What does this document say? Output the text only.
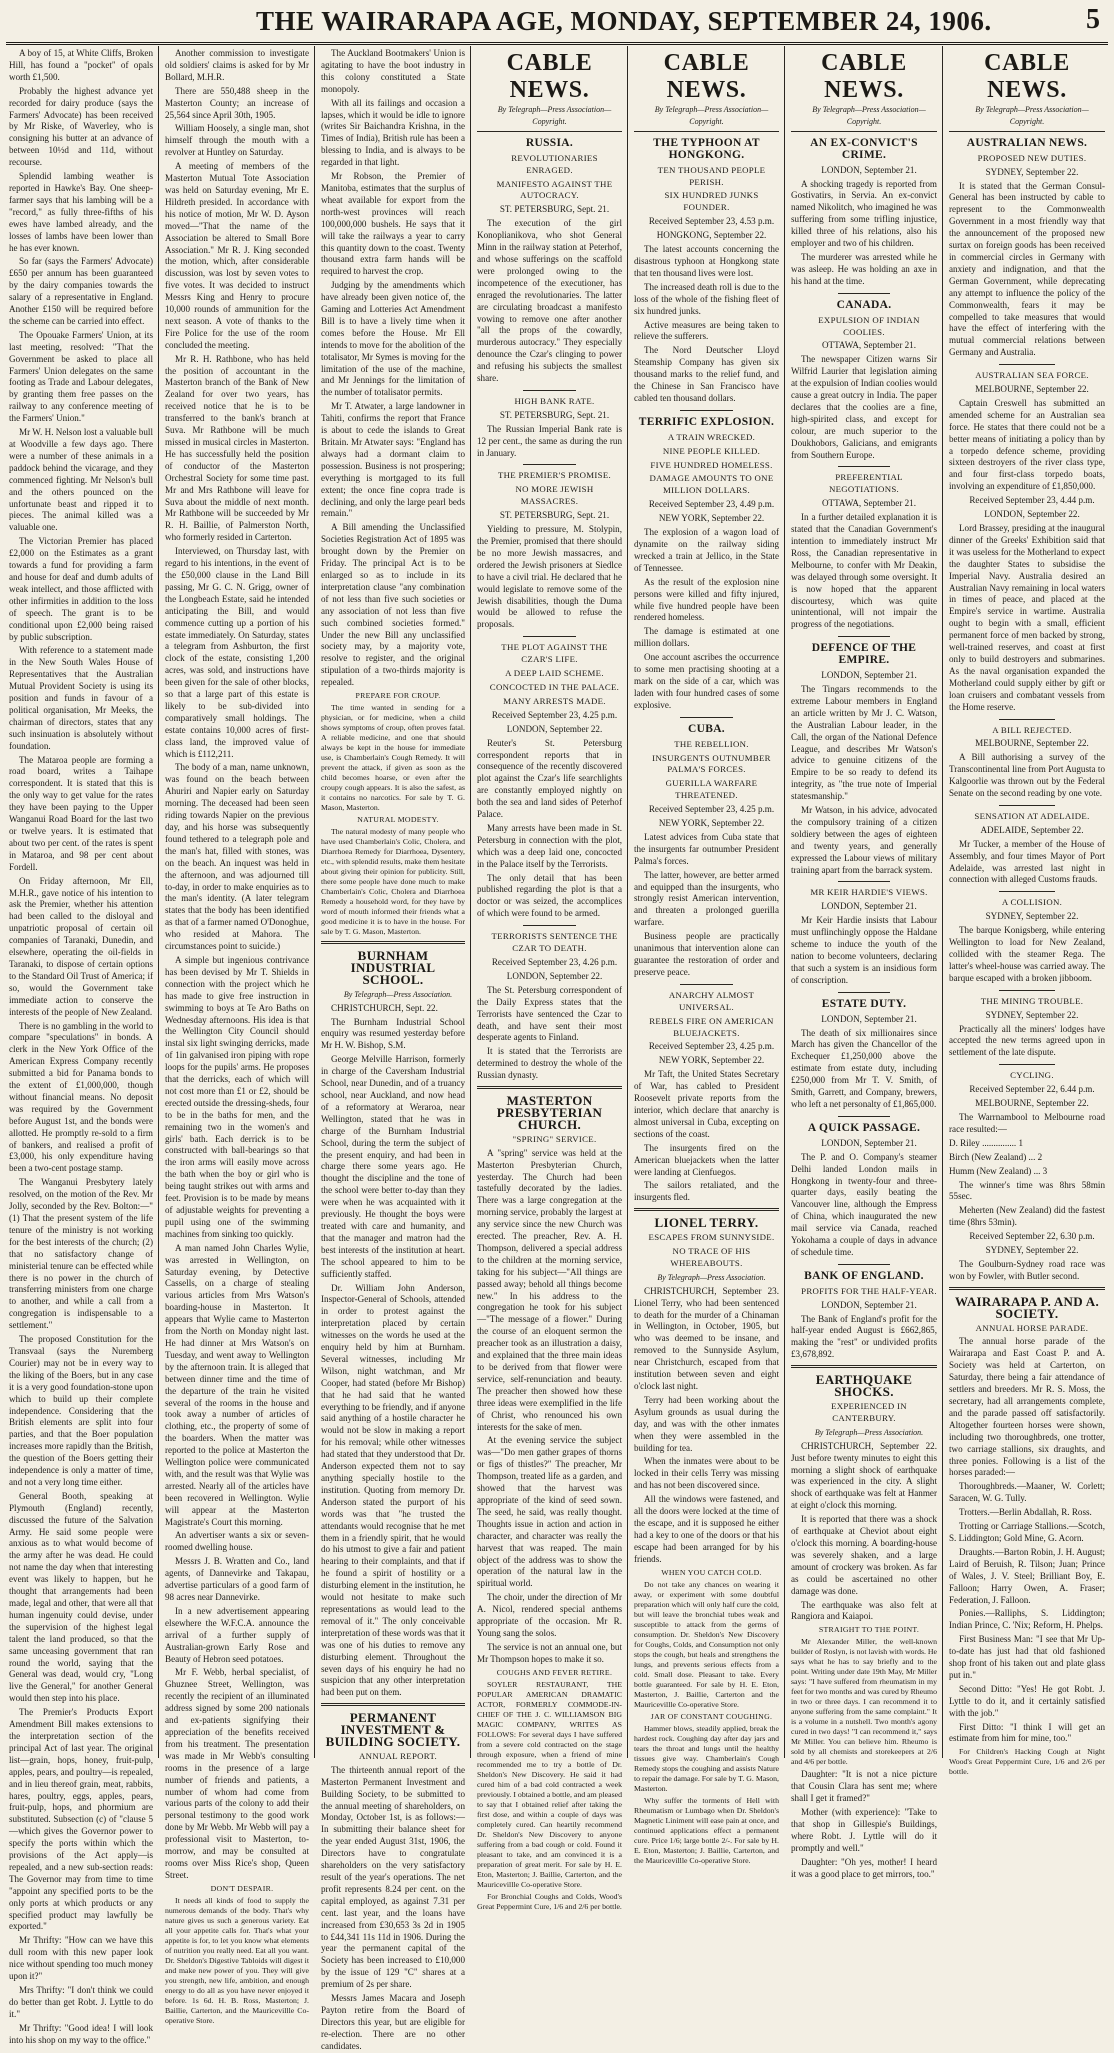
THE WAIRARAPA AGE, MONDAY, SEPTEMBER 24, 1906.	5

A boy of 15, at White Cliffs, Broken Hill, has found a "pocket" of opals worth £1,500.

Probably the highest advance yet recorded for dairy produce (says the Farmers' Advocate) has been received by Mr Riske, of Waverley, who is consigning his butter at an advance of between 10½d and 11d, without recourse.

Splendid lambing weather is reported in Hawke's Bay. One sheep-farmer says that his lambing will be a "record," as fully three-fifths of his ewes have lambed already, and the losses of lambs have been lower than he has ever known.

So far (says the Farmers' Advocate) £650 per annum has been guaranteed by the dairy companies towards the salary of a representative in England. Another £150 will be required before the scheme can be carried into effect.

The Opouake Farmers' Union, at its last meeting, resolved: "That the Government be asked to place all Farmers' Union delegates on the same footing as Trade and Labour delegates, by granting them free passes on the railway to any conference meeting of the Farmers' Union."

Mr W. H. Nelson lost a valuable bull at Woodville a few days ago. There were a number of these animals in a paddock behind the vicarage, and they commenced fighting. Mr Nelson's bull and the others pounced on the unfortunate beast and ripped it to pieces. The animal killed was a valuable one.

The Victorian Premier has placed £2,000 on the Estimates as a grant towards a fund for providing a farm and house for deaf and dumb adults of weak intellect, and those afflicted with other infirmities in addition to the loss of speech. The grant is to be conditional upon £2,000 being raised by public subscription.

With reference to a statement made in the New South Wales House of Representatives that the Australian Mutual Provident Society is using its position and funds in favour of a political organisation, Mr Meeks, the chairman of directors, states that any such insinuation is absolutely without foundation.

The Mataroa people are forming a road board, writes a Taihape correspondent. It is stated that this is the only way to get value for the rates they have been paying to the Upper Wanganui Road Board for the last two or twelve years. It is estimated that about two per cent. of the rates is spent in Mataroa, and 98 per cent about Fordell.

On Friday afternoon, Mr Ell, M.H.R., gave notice of his intention to ask the Premier, whether his attention had been called to the disloyal and unpatriotic proposal of certain oil companies of Taranaki, Dunedin, and elsewhere, operating the oil-fields in Taranaki, to dispose of certain options to the Standard Oil Trust of America; if so, would the Government take immediate action to conserve the interests of the people of New Zealand.

There is no gambling in the world to compare "speculations" in bonds. A clerk in the New York Office of the American Express Company recently submitted a bid for Panama bonds to the extent of £1,000,000, though without financial means. No deposit was required by the Government before August 1st, and the bonds were allotted. He promptly re-sold to a firm of bankers, and realised a profit of £3,000, his only expenditure having been a two-cent postage stamp.

The Wanganui Presbytery lately resolved, on the motion of the Rev. Mr Jolly, seconded by the Rev. Bolton:—"(1) That the present system of the life tenure of the ministry is not working for the best interests of the church; (2) that no satisfactory change of ministerial tenure can be effected while there is no power in the church of transferring ministers from one charge to another, and while a call from a congregation is indispensable to a settlement."

The proposed Constitution for the Transvaal (says the Nuremberg Courier) may not be in every way to the liking of the Boers, but in any case it is a very good foundation-stone upon which to build up their complete independence. Considering that the British elements are split into four parties, and that the Boer population increases more rapidly than the British, the question of the Boers getting their independence is only a matter of time, and not a very long time either.

General Booth, speaking at Plymouth (England) recently, discussed the future of the Salvation Army. He said some people were anxious as to what would become of the army after he was dead. He could not name the day when that interesting event was likely to happen, but he thought that arrangements had been made, legal and other, that were all that human ingenuity could devise, under the supervision of the highest legal talent the land produced, so that the same unceasing government that ran round the world, saying that the General was dead, would cry, "Long live the General," for another General would then step into his place.

The Premier's Products Export Amendment Bill makes extensions to the interpretation section of the principal Act of last year. The original list—grain, hops, honey, fruit-pulp, apples, pears, and poultry—is repealed, and in lieu thereof grain, meat, rabbits, hares, poultry, eggs, apples, pears, fruit-pulp, hops, and phormium are substituted. Subsection (c) of "clause 5—which gives the Governor power to specify the ports within which the provisions of the Act apply—is repealed, and a new sub-section reads: The Governor may from time to time "appoint any specified ports to be the only ports at which products or any specified product may lawfully be exported."

Mr Thrifty: "How can we have this dull room with this new paper look nice without spending too much money upon it?"

Mrs Thrifty: "I don't think we could do better than get Robt. J. Lyttle to do it."

Mr Thrifty: "Good idea! I will look into his shop on my way to the office."

Another commission to investigate old soldiers' claims is asked for by Mr Bollard, M.H.R.

There are 550,488 sheep in the Masterton County; an increase of 25,564 since April 30th, 1905.

William Hoosely, a single man, shot himself through the mouth with a revolver at Huntley on Saturday.

A meeting of members of the Masterton Mutual Tote Association was held on Saturday evening, Mr E. Hildreth presided. In accordance with his notice of motion, Mr W. D. Ayson moved—"That the name of the Association be altered to Small Bore Association." Mr R. J. King seconded the motion, which, after considerable discussion, was lost by seven votes to five votes. It was decided to instruct Messrs King and Henry to procure 10,000 rounds of ammunition for the next season. A vote of thanks to the Fire Police for the use of the room concluded the meeting.

Mr R. H. Rathbone, who has held the position of accountant in the Masterton branch of the Bank of New Zealand for over two years, has received notice that he is to be transferred to the bank's branch at Suva. Mr Rathbone will be much missed in musical circles in Masterton. He has successfully held the position of conductor of the Masterton Orchestral Society for some time past. Mr and Mrs Rathbone will leave for Suva about the middle of next month. Mr Rathbone will be succeeded by Mr R. H. Baillie, of Palmerston North, who formerly resided in Carterton.

Interviewed, on Thursday last, with regard to his intentions, in the event of the £50,000 clause in the Land Bill passing, Mr G. C. N. Grigg, owner of the Longbeach Estate, said he intended anticipating the Bill, and would commence cutting up a portion of his estate immediately. On Saturday, states a telegram from Ashburton, the first clock of the estate, consisting 1,200 acres, was sold, and instructions have been given for the sale of other blocks, so that a large part of this estate is likely to be sub-divided into comparatively small holdings. The estate contains 10,000 acres of first-class land, the improved value of which is £112,211.

The body of a man, name unknown, was found on the beach between Ahuriri and Napier early on Saturday morning. The deceased had been seen riding towards Napier on the previous day, and his horse was subsequently found tethered to a telegraph pole and the man's hat, filled with stones, was on the beach. An inquest was held in the afternoon, and was adjourned till to-day, in order to make enquiries as to the man's identity. (A later telegram states that the body has been identified as that of a farmer named O'Donoghue, who resided at Mahora. The circumstances point to suicide.)

A simple but ingenious contrivance has been devised by Mr T. Shields in connection with the project which he has made to give free instruction in swimming to boys at Te Aro Baths on Wednesday afternoons. His idea is that the Wellington City Council should instal six light swinging derricks, made of 1in galvanised iron piping with rope loops for the pupils' arms. He proposes that the derricks, each of which will not cost more than £1 or £2, should be erected outside the dressing-sheds, four to be in the baths for men, and the remaining two in the women's and girls' bath. Each derrick is to be constructed with ball-bearings so that the iron arms will easily move across the bath when the boy or girl who is being taught strikes out with arms and feet. Provision is to be made by means of adjustable weights for preventing a pupil using one of the swimming machines from sinking too quickly.

A man named John Charles Wylie, was arrested in Wellington, on Saturday evening, by Detective Cassells, on a charge of stealing various articles from Mrs Watson's boarding-house in Masterton. It appears that Wylie came to Masterton from the North on Monday night last. He had dinner at Mrs Watson's on Tuesday, and went away to Wellington by the afternoon train. It is alleged that between dinner time and the time of the departure of the train he visited several of the rooms in the house and took away a number of articles of clothing, etc., the property of some of the boarders. When the matter was reported to the police at Masterton the Wellington police were communicated with, and the result was that Wylie was arrested. Nearly all of the articles have been recovered in Wellington. Wylie will appear at the Masterton Magistrate's Court this morning.

An advertiser wants a six or seven-roomed dwelling house.

Messrs J. B. Wratten and Co., land agents, of Dannevirke and Takapau, advertise particulars of a good farm of 98 acres near Dannevirke.

In a new advertisement appearing elsewhere the W.F.C.A. announce the arrival of a further supply of Australian-grown Early Rose and Beauty of Hebron seed potatoes.

Mr F. Webb, herbal specialist, of Ghuznee Street, Wellington, was recently the recipient of an illuminated address signed by some 200 nationals and ex-patients signifying their appreciation of the benefits received from his treatment. The presentation was made in Mr Webb's consulting rooms in the presence of a large number of friends and patients, a number of whom had come from various parts of the colony to add their personal testimony to the good work done by Mr Webb. Mr Webb will pay a professional visit to Masterton, to-morrow, and may be consulted at rooms over Miss Rice's shop, Queen Street.

DON'T DESPAIR.

It needs all kinds of food to supply the numerous demands of the body. That's why nature gives us such a generous variety. Eat all your appetite calls for. That's what your appetite is for, to let you know what elements of nutrition you really need. Eat all you want. Dr. Sheldon's Digestive Tabloids will digest it and make new power of you. They will give you strength, new life, ambition, and enough energy to do all as you have never enjoyed it before. 1s 6d. H. B. Ross, Masterton; J. Baillie, Carterton, and the Mauricevillle Co-operative Store.

The Auckland Bootmakers' Union is agitating to have the boot industry in this colony constituted a State monopoly.

With all its failings and occasion a lapses, which it would be idle to ignore (writes Sir Baichandra Krishna, in the Times of India), British rule has been a blessing to India, and is always to be regarded in that light.

Mr Robson, the Premier of Manitoba, estimates that the surplus of wheat available for export from the north-west provinces will reach 100,000,000 bushels. He says that it will take the railways a year to carry this quantity down to the coast. Twenty thousand extra farm hands will be required to harvest the crop.

Judging by the amendments which have already been given notice of, the Gaming and Lotteries Act Amendment Bill is to have a lively time when it comes before the House. Mr Ell intends to move for the abolition of the totalisator, Mr Symes is moving for the limitation of the use of the machine, and Mr Jennings for the limitation of the number of totalisator permits.

Mr T. Atwater, a large landowner in Tahiti, confirms the report that France is about to cede the islands to Great Britain. Mr Atwater says: "England has always had a dormant claim to possession. Business is not prospering; everything is mortgaged to its full extent; the once fine copra trade is declining, and only the large pearl beds remain."

A Bill amending the Unclassified Societies Registration Act of 1895 was brought down by the Premier on Friday. The principal Act is to be enlarged so as to include in its interpretation clause "any combination of not less than five such societies or any association of not less than five such combined societies formed." Under the new Bill any unclassified society may, by a majority vote, resolve to register, and the original stipulation of a two-thirds majority is repealed.

PREPARE FOR CROUP.

The time wanted in sending for a physician, or for medicine, when a child shows symptoms of croup, often proves fatal. A reliable medicine, and one that should always be kept in the house for immediate use, is Chamberlain's Cough Remedy. It will prevent the attack, if given as soon as the child becomes hoarse, or even after the croupy cough appears. It is also the safest, as it contains no narcotics. For sale by T. G. Mason, Masterton.

NATURAL MODESTY.

The natural modesty of many people who have used Chamberlain's Colic, Cholera, and Diarrhoea Remedy for Diarrhoea, Dysentery, etc., with splendid results, make them hesitate about giving their opinion for publicity. Still, there some people have done much to make Chamberlain's Colic, Cholera and Diarrhoea Remedy a household word, for they have by word of mouth informed their friends what a good medicine it is to have in the house. For sale by T. G. Mason, Masterton.

BURNHAM INDUSTRIAL SCHOOL.

By Telegraph—Press Association.

CHRISTCHURCH, Sept. 22.

The Burnham Industrial School enquiry was resumed yesterday before Mr H. W. Bishop, S.M.

George Melville Harrison, formerly in charge of the Caversham Industrial School, near Dunedin, and of a truancy school, near Auckland, and now head of a reformatory at Weraroa, near Wellington, stated that he was in charge of the Burnham Industrial School, during the term the subject of the present enquiry, and had been in charge there some years ago. He thought the discipline and the tone of the school were better to-day than they were when he was acquainted with it previously. He thought the boys were treated with care and humanity, and that the manager and matron had the best interests of the institution at heart. The school appeared to him to be sufficiently staffed.

Dr. William John Anderson, Inspector-General of Schools, attended in order to protest against the interpretation placed by certain witnesses on the words he used at the enquiry held by him at Burnham. Several witnesses, including Mr Wilson, night watchman, and Mr Cooper, had stated (before Mr Bishop) that he had said that he wanted everything to be friendly, and if anyone said anything of a hostile character he would not be slow in making a report for his removal; while other witnesses had stated that they understood that Dr. Anderson expected them not to say anything specially hostile to the institution. Quoting from memory Dr. Anderson stated the purport of his words was that "he trusted the attendants would recognise that he met them in a friendly spirit, that he would do his utmost to give a fair and patient hearing to their complaints, and that if he found a spirit of hostility or a disturbing element in the institution, he would not hesitate to make such representations as would lead to the removal of it." The only conceivable interpretation of these words was that it was one of his duties to remove any disturbing element. Throughout the seven days of his enquiry he had no suspicion that any other interpretation had been put on them.

PERMANENT INVESTMENT & BUILDING SOCIETY.

ANNUAL REPORT.

The thirteenth annual report of the Masterton Permanent Investment and Building Society, to be submitted to the annual meeting of shareholders, on Monday, October 1st, is as follows:—In submitting their balance sheet for the year ended August 31st, 1906, the Directors have to congratulate shareholders on the very satisfactory result of the year's operations. The net profit represents 8.24 per cent. on the capital employed, as against 7.31 per cent. last year, and the loans have increased from £30,653 3s 2d in 1905 to £44,341 11s 11d in 1906. During the year the permanent capital of the Society has been increased to £10,000 by the issue of 129 "C" shares at a premium of 2s per share.

Messrs James Macara and Joseph Payton retire from the Board of Directors this year, but are eligible for re-election. There are no other candidates.

CABLE NEWS.

By Telegraph—Press Association—Copyright.

RUSSIA.

REVOLUTIONARIES ENRAGED.

MANIFESTO AGAINST THE AUTOCRACY.

ST. PETERSBURG, Sept. 21.

The execution of the girl Konoplianikova, who shot General Minn in the railway station at Peterhof, and whose sufferings on the scaffold were prolonged owing to the incompetence of the executioner, has enraged the revolutionaries. The latter are circulating broadcast a manifesto vowing to remove one after another "all the props of the cowardly, murderous autocracy." They especially denounce the Czar's clinging to power and refusing his subjects the smallest share.

HIGH BANK RATE.

ST. PETERSBURG, Sept. 21.

The Russian Imperial Bank rate is 12 per cent., the same as during the run in January.

THE PREMIER'S PROMISE.

NO MORE JEWISH MASSACRES.

ST. PETERSBURG, Sept. 21.

Yielding to pressure, M. Stolypin, the Premier, promised that there should be no more Jewish massacres, and ordered the Jewish prisoners at Siedlce to have a civil trial. He declared that he would legislate to remove some of the Jewish disabilities, though the Duma would be allowed to refuse the proposals.

THE PLOT AGAINST THE CZAR'S LIFE.

A DEEP LAID SCHEME.

CONCOCTED IN THE PALACE.

MANY ARRESTS MADE.

Received September 23, 4.25 p.m.

LONDON, September 22.

Reuter's St. Petersburg correspondent reports that in consequence of the recently discovered plot against the Czar's life searchlights are constantly employed nightly on both the sea and land sides of Peterhof Palace.

Many arrests have been made in St. Petersburg in connection with the plot, which was a deep laid one, concocted in the Palace itself by the Terrorists.

The only detail that has been published regarding the plot is that a doctor or was seized, the accomplices of which were found to be armed.

TERRORISTS SENTENCE THE CZAR TO DEATH.

Received September 23, 4.26 p.m.

LONDON, September 22.

The St. Petersburg correspondent of the Daily Express states that the Terrorists have sentenced the Czar to death, and have sent their most desperate agents to Finland.

It is stated that the Terrorists are determined to destroy the whole of the Russian dynasty.

MASTERTON PRESBYTERIAN CHURCH.

"SPRING" SERVICE.

A "spring" service was held at the Masterton Presbyterian Church, yesterday. The Church had been tastefully decorated by the ladies. There was a large congregation at the morning service, probably the largest at any service since the new Church was erected. The preacher, Rev. A. H. Thompson, delivered a special address to the children at the morning service, taking for his subject—"All things are passed away; behold all things become new." In his address to the congregation he took for his subject—"The message of a flower." During the course of an eloquent sermon the preacher took as an illustration a daisy, and explained that the three main ideas to be derived from that flower were service, self-renunciation and beauty. The preacher then showed how these three ideas were exemplified in the life of Christ, who renounced his own interests for the sake of men.

At the evening service the subject was—"Do men gather grapes of thorns or figs of thistles?" The preacher, Mr Thompson, treated life as a garden, and showed that the harvest was appropriate of the kind of seed sown. The seed, he said, was really thought. Thoughts issue in action and action in character, and character was really the harvest that was reaped. The main object of the address was to show the operation of the natural law in the spiritual world.

The choir, under the direction of Mr A. Nicol, rendered special anthems appropriate of the occasion. Mr R. Young sang the solos.

The service is not an annual one, but Mr Thompson hopes to make it so.

COUGHS AND FEVER RETIRE.

SOYLER RESTAURANT, THE POPULAR AMERICAN DRAMATIC ACTOR, FORMERLY COMMODE-IN-CHIEF OF THE J. C. WILLIAMSON BIG MAGIC COMPANY, WRITES AS FOLLOWS: For several days I have suffered from a severe cold contracted on the stage through exposure, when a friend of mine recommended me to try a bottle of Dr. Sheldon's New Discovery. He said it had cured him of a bad cold contracted a week previously. I obtained a bottle, and am pleased to say that I obtained relief after taking the first dose, and within a couple of days was completely cured. Can heartily recommend Dr. Sheldon's New Discovery to anyone suffering from a bad cough or cold. Found it pleasant to take, and am convinced it is a preparation of great merit. For sale by H. E. Eton, Masterton; J. Baillie, Carterton, and the Mauricevillle Co-operative Store.

For Bronchial Coughs and Colds, Wood's Great Peppermint Cure, 1/6 and 2/6 per bottle.

CABLE NEWS.

By Telegraph—Press Association—Copyright.

THE TYPHOON AT HONGKONG.

TEN THOUSAND PEOPLE PERISH.

SIX HUNDRED JUNKS FOUNDER.

Received September 23, 4.53 p.m.

HONGKONG, September 22.

The latest accounts concerning the disastrous typhoon at Hongkong state that ten thousand lives were lost.

The increased death roll is due to the loss of the whole of the fishing fleet of six hundred junks.

Active measures are being taken to relieve the sufferers.

The Nord Deutscher Lloyd Steamship Company has given six thousand marks to the relief fund, and the Chinese in San Francisco have cabled ten thousand dollars.

TERRIFIC EXPLOSION.

A TRAIN WRECKED.

NINE PEOPLE KILLED.

FIVE HUNDRED HOMELESS.

DAMAGE AMOUNTS TO ONE MILLION DOLLARS.

Received September 23, 4.49 p.m.

NEW YORK, September 22.

The explosion of a wagon load of dynamite on the railway siding wrecked a train at Jellico, in the State of Tennessee.

As the result of the explosion nine persons were killed and fifty injured, while five hundred people have been rendered homeless.

The damage is estimated at one million dollars.

One account ascribes the occurrence to some men practising shooting at a mark on the side of a car, which was laden with four hundred cases of some explosive.

CUBA.

THE REBELLION.

INSURGENTS OUTNUMBER PALMA'S FORCES.

GUERILLA WARFARE THREATENED.

Received September 23, 4.25 p.m.

NEW YORK, September 22.

Latest advices from Cuba state that the insurgents far outnumber President Palma's forces.

The latter, however, are better armed and equipped than the insurgents, who strongly resist American intervention, and threaten a prolonged guerilla warfare.

Business people are practically unanimous that intervention alone can guarantee the restoration of order and preserve peace.

ANARCHY ALMOST UNIVERSAL.

REBELS FIRE ON AMERICAN BLUEJACKETS.

Received September 23, 4.25 p.m.

NEW YORK, September 22.

Mr Taft, the United States Secretary of War, has cabled to President Roosevelt private reports from the interior, which declare that anarchy is almost universal in Cuba, excepting on sections of the coast.

The insurgents fired on the American bluejackets when the latter were landing at Cienfuegos.

The sailors retaliated, and the insurgents fled.

LIONEL TERRY.

ESCAPES FROM SUNNYSIDE.

NO TRACE OF HIS WHEREABOUTS.

By Telegraph—Press Association.

CHRISTCHURCH, September 23. Lionel Terry, who had been sentenced to death for the murder of a Chinaman in Wellington, in October, 1905, but who was deemed to be insane, and removed to the Sunnyside Asylum, near Christchurch, escaped from that institution between seven and eight o'clock last night.

Terry had been working about the Asylum grounds as usual during the day, and was with the other inmates when they were assembled in the building for tea.

When the inmates were about to be locked in their cells Terry was missing and has not been discovered since.

All the windows were fastened, and all the doors were locked at the time of the escape, and it is supposed he either had a key to one of the doors or that his escape had been arranged for by his friends.

WHEN YOU CATCH COLD.

Do not take any chances on wearing it away, or experiment with some doubtful preparation which will only half cure the cold, but will leave the bronchial tubes weak and susceptible to attack from the germs of consumption. Dr. Sheldon's New Discovery for Coughs, Colds, and Consumption not only stops the cough, but heals and strengthens the lungs, and prevents serious effects from a cold. Small dose. Pleasant to take. Every bottle guaranteed. For sale by H. E. Eton, Masterton, J. Baillie, Carterton and the Mauricevillle Co-operative Store.

JAR OF CONSTANT COUGHING.

Hammer blows, steadily applied, break the hardest rock. Coughing day after day jars and tears the throat and lungs until the healthy tissues give way. Chamberlain's Cough Remedy stops the coughing and assists Nature to repair the damage. For sale by T. G. Mason, Masterton.

Why suffer the torments of Hell with Rheumatism or Lumbago when Dr. Sheldon's Magnetic Liniment will ease pain at once, and continued applications effect a permanent cure. Price 1/6; large bottle 2/-. For sale by H. E. Eton, Masterton; J. Baillie, Carterton, and the Mauricevillle Co-operative Store.

CABLE NEWS.

By Telegraph—Press Association—Copyright.

AN EX-CONVICT'S CRIME.

LONDON, September 21.

A shocking tragedy is reported from Gostivatirs, in Servia. An ex-convict named Nikolitch, who imagined he was suffering from some trifling injustice, killed three of his relations, also his employer and two of his children.

The murderer was arrested while he was asleep. He was holding an axe in his hand at the time.

CANADA.

EXPULSION OF INDIAN COOLIES.

OTTAWA, September 21.

The newspaper Citizen warns Sir Wilfrid Laurier that legislation aiming at the expulsion of Indian coolies would cause a great outcry in India. The paper declares that the coolies are a fine, high-spirited class, and except for colour, are much superior to the Doukhobors, Galicians, and emigrants from Southern Europe.

PREFERENTIAL NEGOTIATIONS.

OTTAWA, September 21.

In a further detailed explanation it is stated that the Canadian Government's intention to immediately instruct Mr Ross, the Canadian representative in Melbourne, to confer with Mr Deakin, was delayed through some oversight. It is now hoped that the apparent discourtesy, which was quite unintentional, will not impair the progress of the negotiations.

DEFENCE OF THE EMPIRE.

LONDON, September 21.

The Tingars recommends to the extreme Labour members in England an article written by Mr J. C. Watson, the Australian Labour leader, in the Call, the organ of the National Defence League, and describes Mr Watson's advice to genuine citizens of the Empire to be so ready to defend its integrity, as "the true note of Imperial statesmanship."

Mr Watson, in his advice, advocated the compulsory training of a citizen soldiery between the ages of eighteen and twenty years, and generally expressed the Labour views of military training apart from the barrack system.

MR KEIR HARDIE'S VIEWS.

LONDON, September 21.

Mr Keir Hardie insists that Labour must unflinchingly oppose the Haldane scheme to induce the youth of the nation to become volunteers, declaring that such a system is an insidious form of conscription.

ESTATE DUTY.

LONDON, September 21.

The death of six millionaires since March has given the Chancellor of the Exchequer £1,250,000 above the estimate from estate duty, including £250,000 from Mr T. V. Smith, of Smith, Garrett, and Company, brewers, who left a net personalty of £1,865,000.

A QUICK PASSAGE.

LONDON, September 21.

The P. and O. Company's steamer Delhi landed London mails in Hongkong in twenty-four and three-quarter days, easily beating the Vancouver line, although the Empress of China, which inaugurated the new mail service via Canada, reached Yokohama a couple of days in advance of schedule time.

BANK OF ENGLAND.

PROFITS FOR THE HALF-YEAR.

LONDON, September 21.

The Bank of England's profit for the half-year ended August is £662,865, making the "rest" or undivided profits £3,678,892.

EARTHQUAKE SHOCKS.

EXPERIENCED IN CANTERBURY.

By Telegraph—Press Association.

CHRISTCHURCH, September 22. Just before twenty minutes to eight this morning a slight shock of earthquake was experienced in the city. A slight shock of earthquake was felt at Hanmer at eight o'clock this morning.

It is reported that there was a shock of earthquake at Cheviot about eight o'clock this morning. A boarding-house was severely shaken, and a large amount of crockery was broken. As far as could be ascertained no other damage was done.

The earthquake was also felt at Rangiora and Kaiapoi.

STRAIGHT TO THE POINT.

Mr Alexander Miller, the well-known builder of Roslyn, is not lavish with words. He says what he has to say briefly and to the point. Writing under date 19th May, Mr Miller says: "I have suffered from rheumatism in my feet for two months and was cured by Rheumo in two or three days. I can recommend it to anyone suffering from the same complaint." It is a volume in a nutshell. Two month's agony cured in two days! "I can recommend it," says Mr Miller. You can believe him. Rheumo is sold by all chemists and storekeepers at 2/6 and 4/6 per bottle.

Daughter: "It is not a nice picture that Cousin Clara has sent me; where shall I get it framed?"

Mother (with experience): "Take to that shop in Gillespie's Buildings, where Robt. J. Lyttle will do it promptly and well."

Daughter: "Oh yes, mother! I heard it was a good place to get mirrors, too."

CABLE NEWS.

By Telegraph—Press Association—Copyright.

AUSTRALIAN NEWS.

PROPOSED NEW DUTIES.

SYDNEY, September 22.

It is stated that the German Consul-General has been instructed by cable to represent to the Commonwealth Government in a most friendly way that the announcement of the proposed new surtax on foreign goods has been received in commercial circles in Germany with anxiety and indignation, and that the German Government, while deprecating any attempt to influence the policy of the Commonwealth, fears it may be compelled to take measures that would have the effect of interfering with the mutual commercial relations between Germany and Australia.

AUSTRALIAN SEA FORCE.

MELBOURNE, September 22.

Captain Creswell has submitted an amended scheme for an Australian sea force. He states that there could not be a better means of initiating a policy than by a torpedo defence scheme, providing sixteen destroyers of the river class type, and four first-class torpedo boats, involving an expenditure of £1,850,000.

Received September 23, 4.44 p.m.

LONDON, September 22.

Lord Brassey, presiding at the inaugural dinner of the Greeks' Exhibition said that it was useless for the Motherland to expect the daughter States to subsidise the Imperial Navy. Australia desired an Australian Navy remaining in local waters in times of peace, and placed at the Empire's service in wartime. Australia ought to begin with a small, efficient permanent force of men backed by strong, well-trained reserves, and coast at first only to build destroyers and submarines. As the naval organisation expanded the Motherland could supply either by gift or loan cruisers and combatant vessels from the Home reserve.

A BILL REJECTED.

MELBOURNE, September 22.

A Bill authorising a survey of the Transcontinental line from Port Augusta to Kalgoorlie was thrown out by the Federal Senate on the second reading by one vote.

SENSATION AT ADELAIDE.

ADELAIDE, September 22.

Mr Tucker, a member of the House of Assembly, and four times Mayor of Port Adelaide, was arrested last night in connection with alleged Customs frauds.

A COLLISION.

SYDNEY, September 22.

The barque Konigsberg, while entering Wellington to load for New Zealand, collided with the steamer Rega. The latter's wheel-house was carried away. The barque escaped with a broken jibboom.

THE MINING TROUBLE.

SYDNEY, September 22.

Practically all the miners' lodges have accepted the new terms agreed upon in settlement of the late dispute.

CYCLING.

Received September 22, 6.44 p.m.

MELBOURNE, September 22.

The Warrnambool to Melbourne road race resulted:—

D. Riley ............... 1

Birch (New Zealand) ... 2

Humm (New Zealand) ... 3

The winner's time was 8hrs 58min 55sec.

Meherten (New Zealand) did the fastest time (8hrs 53min).

Received September 22, 6.30 p.m.

SYDNEY, September 22.

The Goulburn-Sydney road race was won by Fowler, with Butler second.

WAIRARAPA P. AND A. SOCIETY.

ANNUAL HORSE PARADE.

The annual horse parade of the Wairarapa and East Coast P. and A. Society was held at Carterton, on Saturday, there being a fair attendance of settlers and breeders. Mr R. S. Moss, the secretary, had all arrangements complete, and the parade passed off satisfactorily. Altogether fourteen horses were shown, including two thoroughbreds, one trotter, two carriage stallions, six draughts, and three ponies. Following is a list of the horses paraded:—

Thoroughbreds.—Maaner, W. Corlett; Saracen, W. G. Tully.

Trotters.—Berlin Abdallah, R. Ross.

Trotting or Carriage Stallions.—Scotch, S. Liddington; Gold Mine, G. Acorn.

Draughts.—Barton Robin, J. H. August; Laird of Beruish, R. Tilson; Juan; Prince of Wales, J. V. Steel; Brilliant Boy, E. Falloon; Harry Owen, A. Fraser; Federation, J. Falloon.

Ponies.—Ralliphs, S. Liddington; Indian Prince, C. 'Nix; Reform, H. Phelps.

First Business Man: "I see that Mr Up-to-date has just had that old fashioned shop front of his taken out and plate glass put in."

Second Ditto: "Yes! He got Robt. J. Lyttle to do it, and it certainly satisfied with the job."

First Ditto: "I think I will get an estimate from him for mine, too."

For Children's Hacking Cough at Night Wood's Great Peppermint Cure, 1/6 and 2/6 per bottle.
